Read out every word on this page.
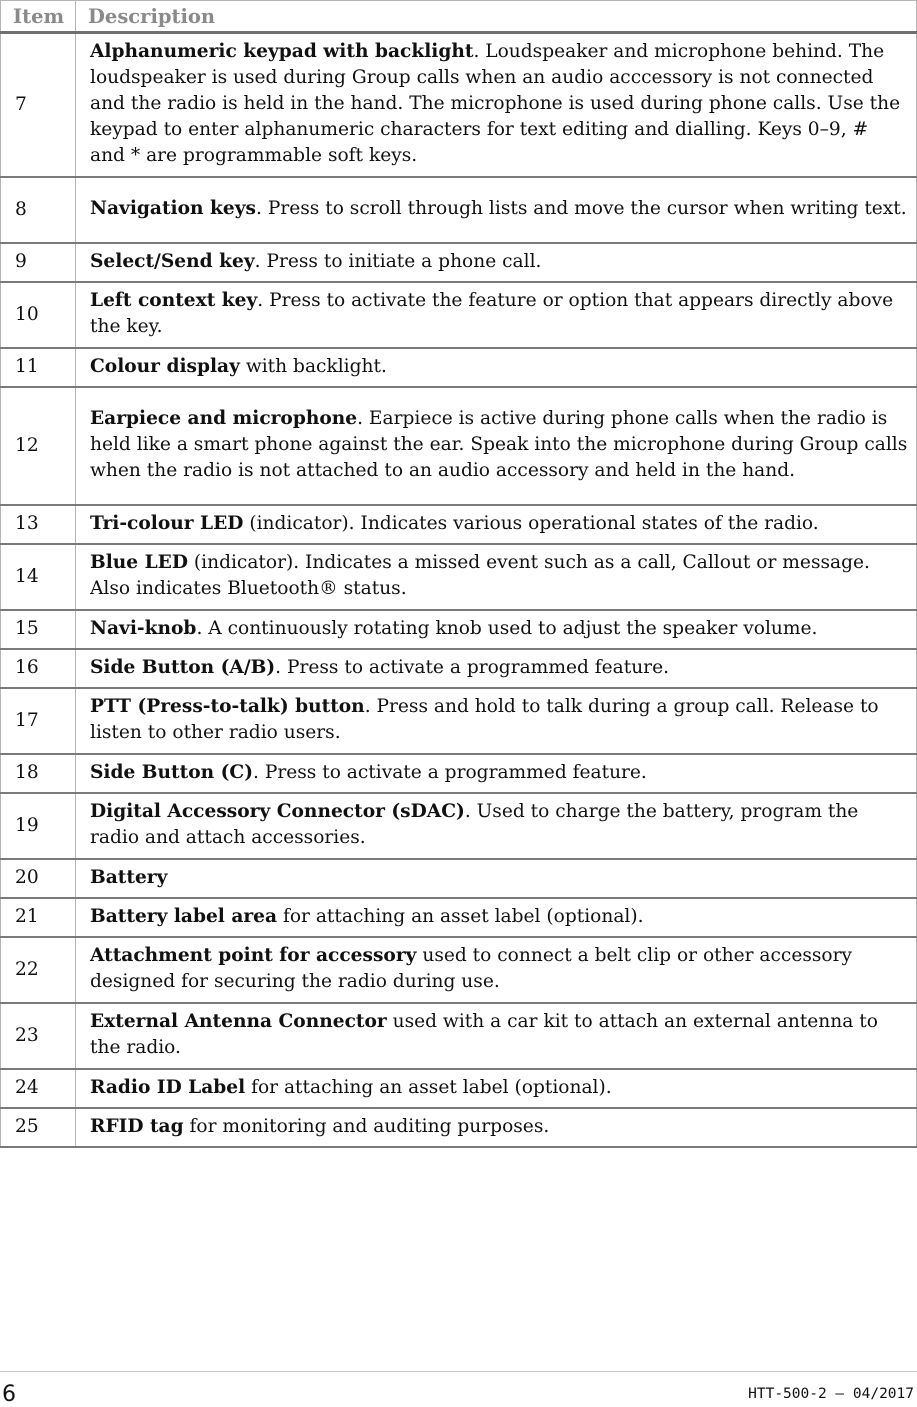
Item	Description
7	Alphanumeric keypad with backlight. Loudspeaker and microphone behind. The loudspeaker is used during Group calls when an audio acccessory is not connected and the radio is held in the hand. The microphone is used during phone calls. Use the keypad to enter alphanumeric characters for text editing and dialling. Keys 0–9, # and * are programmable soft keys.
8	Navigation keys. Press to scroll through lists and move the cursor when writing text.
9	Select/Send key. Press to initiate a phone call.
10	Left context key. Press to activate the feature or option that appears directly above the key.
11	Colour display with backlight.
12	Earpiece and microphone. Earpiece is active during phone calls when the radio is held like a smart phone against the ear. Speak into the microphone during Group calls when the radio is not attached to an audio accessory and held in the hand.
13	Tri-colour LED (indicator). Indicates various operational states of the radio.
14	Blue LED (indicator). Indicates a missed event such as a call, Callout or message. Also indicates Bluetooth® status.
15	Navi-knob. A continuously rotating knob used to adjust the speaker volume.
16	Side Button (A/B). Press to activate a programmed feature.
17	PTT (Press-to-talk) button. Press and hold to talk during a group call. Release to listen to other radio users.
18	Side Button (C). Press to activate a programmed feature.
19	Digital Accessory Connector (sDAC). Used to charge the battery, program the radio and attach accessories.
20	Battery
21	Battery label area for attaching an asset label (optional).
22	Attachment point for accessory used to connect a belt clip or other accessory designed for securing the radio during use.
23	External Antenna Connector used with a car kit to attach an external antenna to the radio.
24	Radio ID Label for attaching an asset label (optional).
25	RFID tag for monitoring and auditing purposes.
6	HTT-500-2 – 04/2017
